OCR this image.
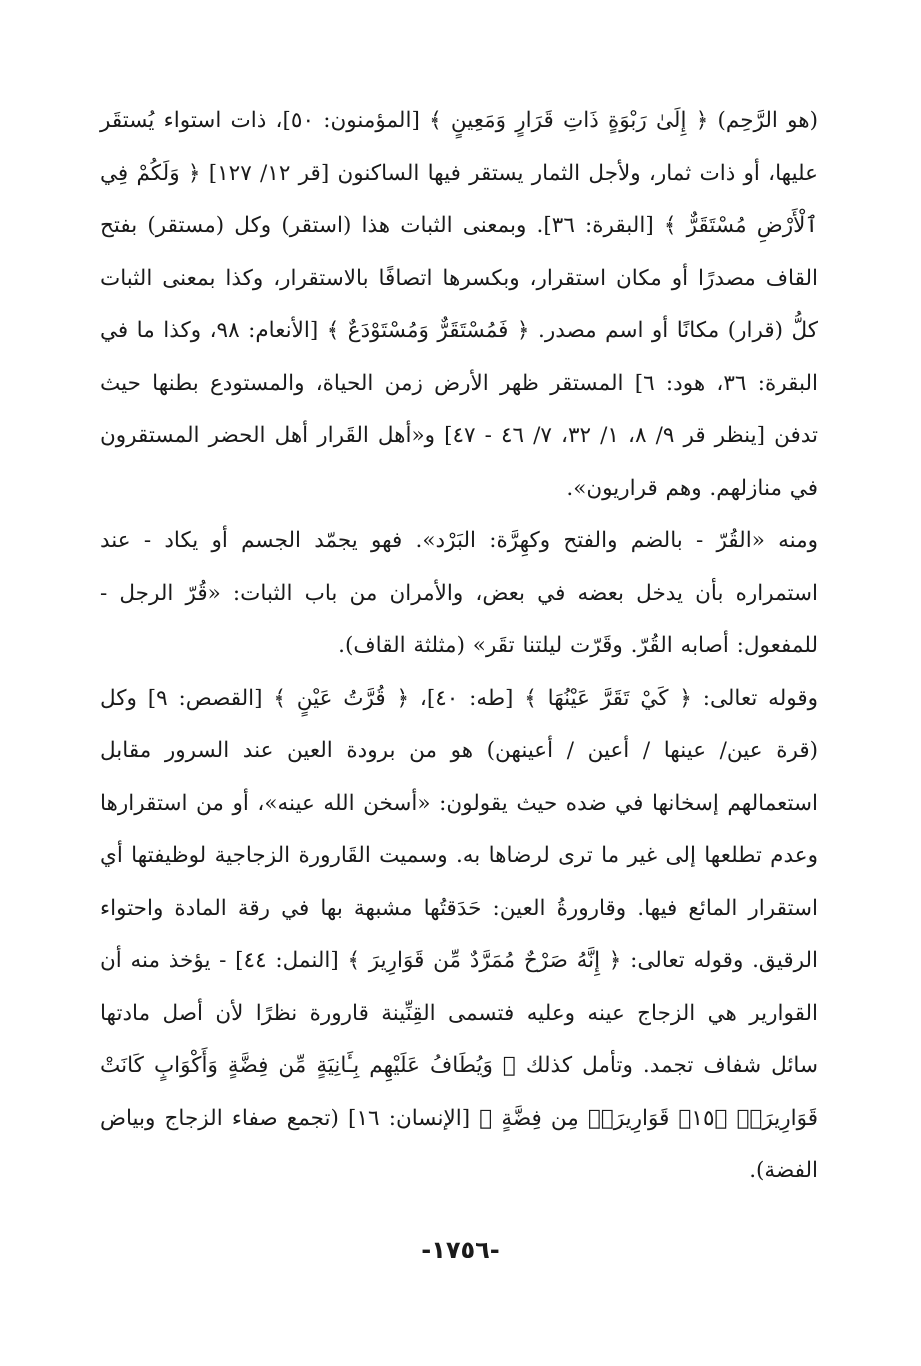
(هو الرَّحِم) ﴿ إِلَىٰ رَبْوَةٍ ذَاتِ قَرَارٍ وَمَعِينٍ ﴾ [المؤمنون: ٥٠]، ذات استواء يُستقَر عليها، أو ذات ثمار، ولأجل الثمار يستقر فيها الساكنون [قر ١٢/ ١٢٧] ﴿ وَلَكُمْ فِي ٱلْأَرْضِ مُسْتَقَرٌّ ﴾ [البقرة: ٣٦]. وبمعنى الثبات هذا (استقر) وكل (مستقر) بفتح القاف مصدرًا أو مكان استقرار، وبكسرها اتصافًا بالاستقرار، وكذا بمعنى الثبات كلُّ (قرار) مكانًا أو اسم مصدر. ﴿ فَمُسْتَقَرٌّ وَمُسْتَوْدَعٌ ﴾ [الأنعام: ٩٨، وكذا ما في البقرة: ٣٦، هود: ٦] المستقر ظهر الأرض زمن الحياة، والمستودع بطنها حيث تدفن [ينظر قر ٩/ ٨، ١/ ٣٢، ٧/ ٤٦ - ٤٧] و«أهل القَرار أهل الحضر المستقرون في منازلهم. وهم قراريون».

ومنه «القُرّ - بالضم والفتح وكهِرَّة: البَرْد». فهو يجمّد الجسم أو يكاد - عند استمراره بأن يدخل بعضه في بعض، والأمران من باب الثبات: «قُرّ الرجل - للمفعول: أصابه القُرّ. وقَرّت ليلتنا تقَر» (مثلثة القاف).

وقوله تعالى: ﴿ كَيْ تَقَرَّ عَيْنُهَا ﴾ [طه: ٤٠]، ﴿ قُرَّتُ عَيْنٍ ﴾ [القصص: ٩] وكل (قرة عين/ عينها / أعين / أعينهن) هو من برودة العين عند السرور مقابل استعمالهم إسخانها في ضده حيث يقولون: «أسخن الله عينه»، أو من استقرارها وعدم تطلعها إلى غير ما ترى لرضاها به. وسميت القَارورة الزجاجية لوظيفتها أي استقرار المائع فيها. وقارورةُ العين: حَدَقتُها مشبهة بها في رقة المادة واحتواء الرقيق. وقوله تعالى: ﴿ إِنَّهُ صَرْحٌ مُمَرَّدٌ مِّن قَوَارِيرَ ﴾ [النمل: ٤٤] - يؤخذ منه أن القوارير هي الزجاج عينه وعليه فتسمى القِنِّينة قارورة نظرًا لأن أصل مادتها سائل شفاف تجمد. وتأمل كذلك ﴿ وَيُطَافُ عَلَيْهِم بِـَٔانِيَةٍ مِّن فِضَّةٍ وَأَكْوَابٍ كَانَتْ قَوَارِيرَا۠ ﴿١٥﴾ قَوَارِيرَا۠ مِن فِضَّةٍ ﴾ [الإنسان: ١٦] (تجمع صفاء الزجاج وبياض الفضة).

-١٧٥٦-
